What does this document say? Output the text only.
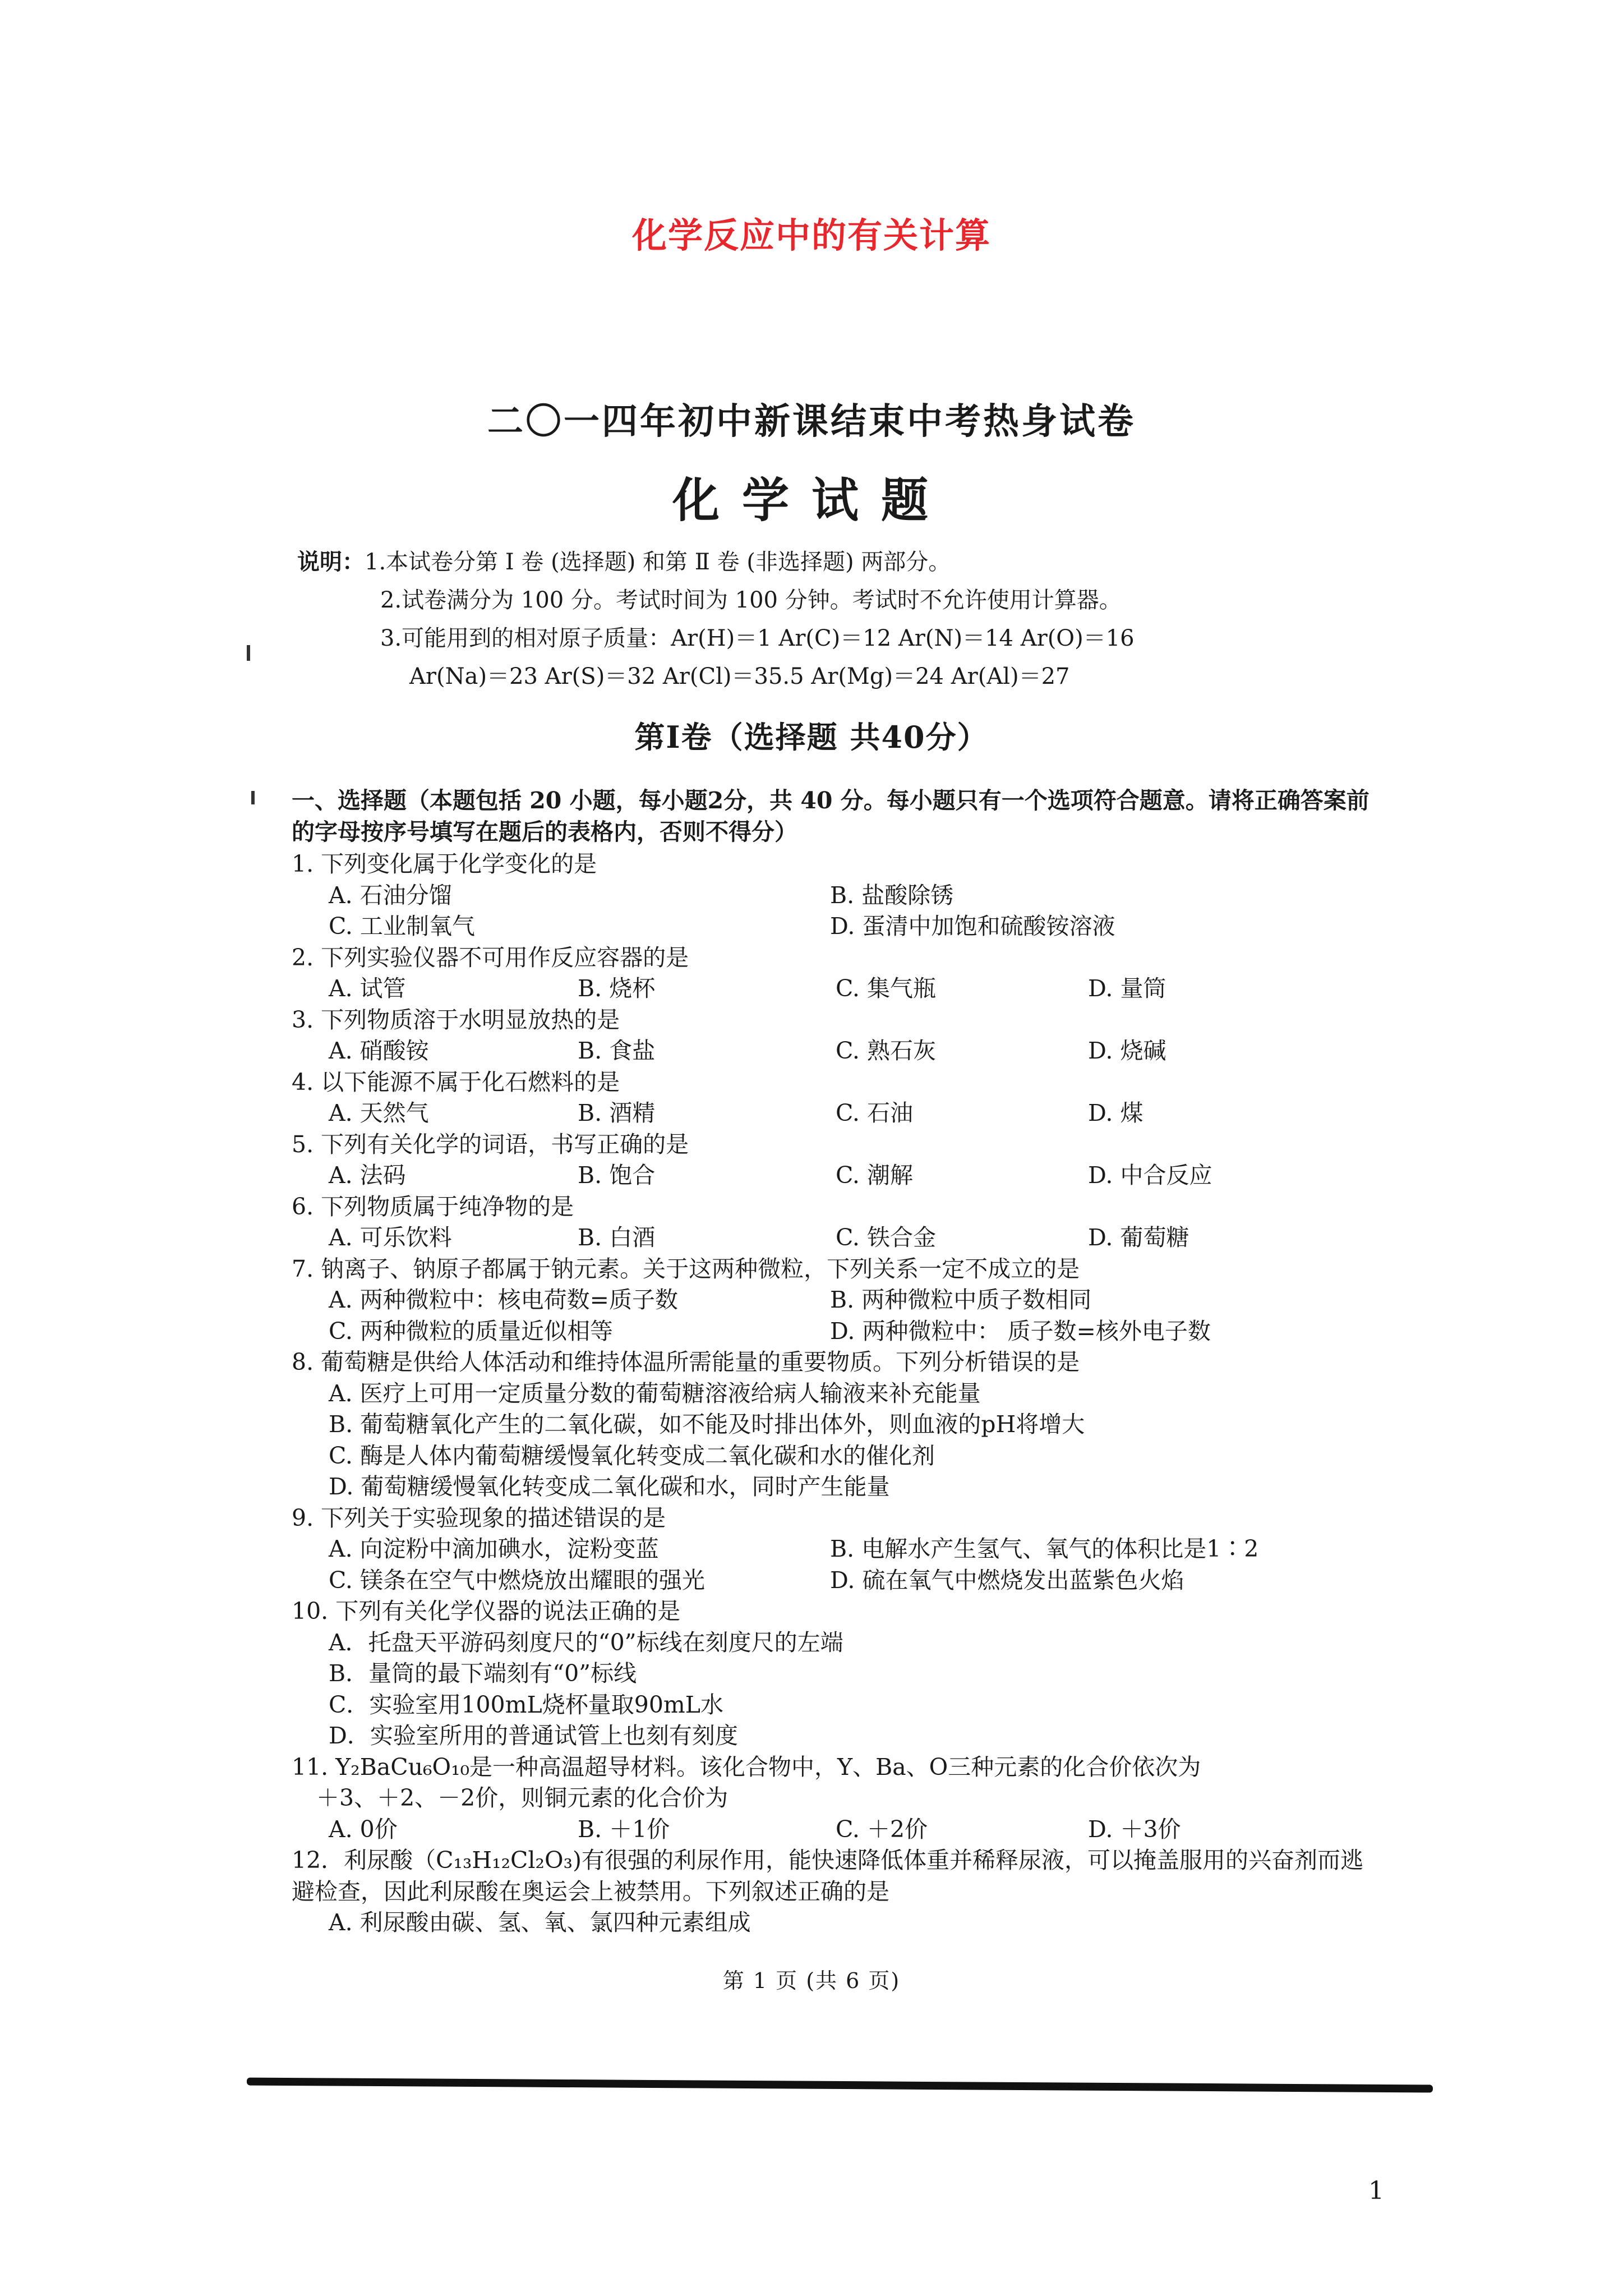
化学反应中的有关计算
二〇一四年初中新课结束中考热身试卷
化学试题
说明：1.本试卷分第 Ⅰ 卷 (选择题) 和第 Ⅱ 卷 (非选择题) 两部分。
2.试卷满分为 100 分。考试时间为 100 分钟。考试时不允许使用计算器。
3.可能用到的相对原子质量：Ar(H)＝1 Ar(C)＝12 Ar(N)＝14 Ar(O)＝16
Ar(Na)＝23 Ar(S)＝32 Ar(Cl)＝35.5 Ar(Mg)＝24 Ar(Al)＝27
第Ⅰ卷（选择题 共40分）
一、选择题（本题包括 20 小题，每小题2分，共 40 分。每小题只有一个选项符合题意。请将正确答案前的字母按序号填写在题后的表格内，否则不得分）
1. 下列变化属于化学变化的是
A. 石油分馏	B. 盐酸除锈
C. 工业制氧气	D. 蛋清中加饱和硫酸铵溶液
2. 下列实验仪器不可用作反应容器的是
A. 试管	B. 烧杯	C. 集气瓶	D. 量筒
3. 下列物质溶于水明显放热的是
A. 硝酸铵	B. 食盐	C. 熟石灰	D. 烧碱
4. 以下能源不属于化石燃料的是
A. 天然气	B. 酒精	C. 石油	D. 煤
5. 下列有关化学的词语，书写正确的是
A. 法码	B. 饱合	C. 潮解	D. 中合反应
6. 下列物质属于纯净物的是
A. 可乐饮料	B. 白酒	C. 铁合金	D. 葡萄糖
7. 钠离子、钠原子都属于钠元素。关于这两种微粒，下列关系一定不成立的是
A. 两种微粒中：核电荷数=质子数	B. 两种微粒中质子数相同
C. 两种微粒的质量近似相等	D. 两种微粒中： 质子数=核外电子数
8. 葡萄糖是供给人体活动和维持体温所需能量的重要物质。下列分析错误的是
A. 医疗上可用一定质量分数的葡萄糖溶液给病人输液来补充能量
B. 葡萄糖氧化产生的二氧化碳，如不能及时排出体外，则血液的pH将增大
C. 酶是人体内葡萄糖缓慢氧化转变成二氧化碳和水的催化剂
D. 葡萄糖缓慢氧化转变成二氧化碳和水，同时产生能量
9. 下列关于实验现象的描述错误的是
A. 向淀粉中滴加碘水，淀粉变蓝	B. 电解水产生氢气、氧气的体积比是1∶2
C. 镁条在空气中燃烧放出耀眼的强光	D. 硫在氧气中燃烧发出蓝紫色火焰
10. 下列有关化学仪器的说法正确的是
A．托盘天平游码刻度尺的“0”标线在刻度尺的左端
B．量筒的最下端刻有“0”标线
C．实验室用100mL烧杯量取90mL水
D．实验室所用的普通试管上也刻有刻度
11. Y₂BaCu₆O₁₀是一种高温超导材料。该化合物中，Y、Ba、O三种元素的化合价依次为
＋3、＋2、－2价，则铜元素的化合价为
A. 0价	B. ＋1价	C. ＋2价	D. ＋3价
12．利尿酸（C₁₃H₁₂Cl₂O₃)有很强的利尿作用，能快速降低体重并稀释尿液，可以掩盖服用的兴奋剂而逃避检查，因此利尿酸在奥运会上被禁用。下列叙述正确的是
A. 利尿酸由碳、氢、氧、氯四种元素组成
第 1 页 (共 6 页)
1
